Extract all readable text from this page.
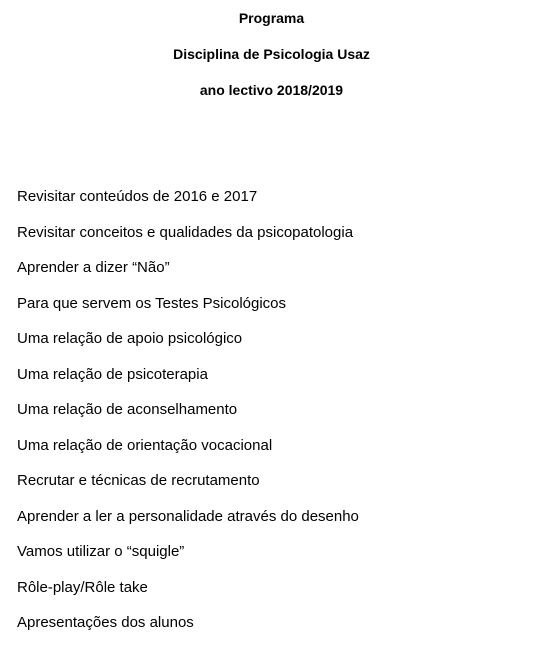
Programa
Disciplina de Psicologia Usaz
ano lectivo 2018/2019
Revisitar conteúdos de 2016 e 2017
Revisitar conceitos e qualidades da psicopatologia
Aprender a dizer “Não”
Para que servem os Testes Psicológicos
Uma relação de apoio psicológico
Uma relação de psicoterapia
Uma relação de aconselhamento
Uma relação de orientação vocacional
Recrutar e técnicas de recrutamento
Aprender a ler a personalidade através do desenho
Vamos utilizar o “squigle”
Rôle-play/Rôle take
Apresentações dos alunos
